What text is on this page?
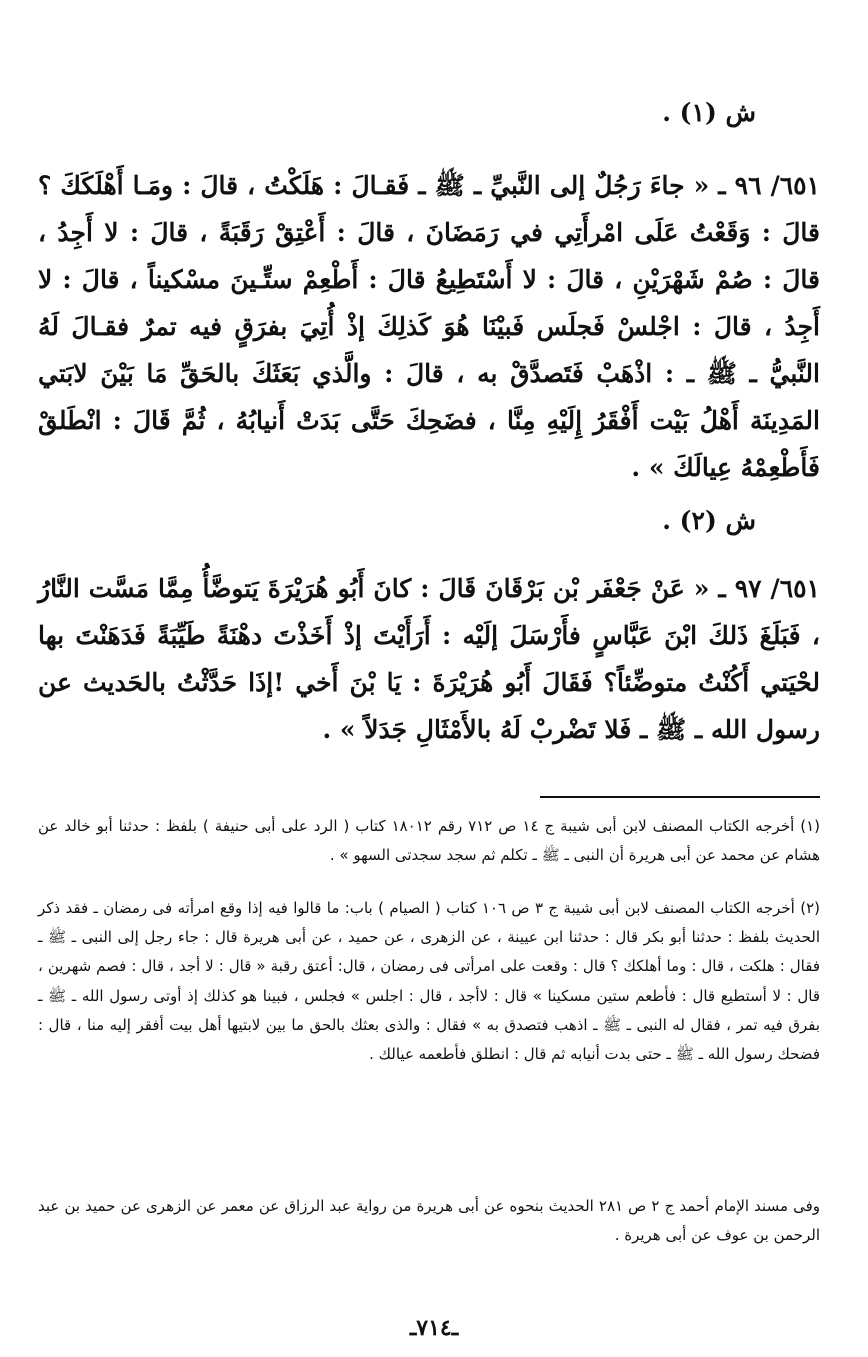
ش (١) .

٦٥١/ ٩٦ ـ « جاءَ رَجُلٌ إلى النَّبيِّ ـ ﷺ ـ فَقـالَ : هَلَكْتُ ، قالَ : ومَـا أَهْلَكَكَ ؟ قالَ : وَقَعْتُ عَلَى امْرأَتِي في رَمَضَانَ ، قالَ : أَعْتِقْ رَقَبَةً ، قالَ : لا أَجِدُ ، قالَ : صُمْ شَهْرَيْنِ ، قالَ : لا أَسْتَطِيعُ قالَ : أَطْعِمْ ستِّـينَ مسْكيناً ، قالَ : لا أَجِدُ ، قالَ : اجْلسْ فَجلَس فَبيْنَا هُوَ كَذلِكَ إذْ أُتِيَ بفرَقٍ فيه تمرٌ فقـالَ لَهُ النَّبيُّ ـ ﷺ ـ : اذْهَبْ فَتَصدَّقْ به ، قالَ : والَّذي بَعَثَكَ بالحَقِّ مَا بَيْنَ لابَتي المَدِينَة أَهْلُ بَيْت أَفْقَرُ إِلَيْهِ مِنَّا ، فضَحِكَ حَتَّى بَدَتْ أَنيابُهُ ، ثُمَّ قَالَ : انْطَلقْ فَأَطْعِمْهُ عِيالَكَ » .

ش (٢) .

٦٥١/ ٩٧ ـ « عَنْ جَعْفَر بْن بَرْقَانَ قَالَ : كانَ أَبُو هُرَيْرَةَ يَتوضَّأُ مِمَّا مَسَّت النَّارُ ، فَبَلَغَ ذَلكَ ابْنَ عَبَّاسٍ فأَرْسَلَ إلَيْه : أَرَأَيْتَ إذْ أَخَذْتَ دهْنَةً طَيِّبَةً فَدَهَنْتَ بها لحْيَتي أَكُنْتُ متوضِّئاً؟ فَقَالَ أَبُو هُرَيْرَةَ : يَا بْنَ أَخي !إذَا حَدَّثْتُ بالحَديث عن رسول الله ـ ﷺ ـ فَلا تَضْربْ لَهُ بالأَمْثَالِ جَدَلاً » .

(١) أخرجه الكتاب المصنف لابن أبى شيبة ج ١٤ ص ٧١٢ رقم ١٨٠١٢ كتاب ( الرد على أبى حنيفة ) بلفظ : حدثنا أبو خالد عن هشام عن محمد عن أبى هريرة أن النبى ـ ﷺ ـ تكلم ثم سجد سجدتى السهو » .

(٢) أخرجه الكتاب المصنف لابن أبى شيبة ج ٣ ص ١٠٦ كتاب ( الصيام ) باب: ما قالوا فيه إذا وقع امرأته فى رمضان ـ فقد ذكر الحديث بلفظ : حدثنا أبو بكر قال : حدثنا ابن عيينة ، عن الزهرى ، عن حميد ، عن أبى هريرة قال : جاء رجل إلى النبى ـ ﷺ ـ فقال : هلكت ، قال : وما أهلكك ؟ قال : وقعت على امرأتى فى رمضان ، قال: أعتق رقبة « قال : لا أجد ، قال : فصم شهرين ، قال : لا أستطيع قال : فأطعم ستين مسكينا » قال : لاأجد ، قال : اجلس » فجلس ، فبينا هو كذلك إذ أوتى رسول الله ـ ﷺ ـ بفرق فيه تمر ، فقال له النبى ـ ﷺ ـ اذهب فتصدق به » فقال : والذى بعثك بالحق ما بين لابتيها أهل بيت أفقر إليه منا ، قال : فضحك رسول الله ـ ﷺ ـ حتى بدت أنيابه ثم قال : انطلق فأطعمه عيالك .

وفى مسند الإمام أحمد ج ٢ ص ٢٨١ الحديث بنحوه عن أبى هريرة من رواية عبد الرزاق عن معمر عن الزهرى عن حميد بن عبد الرحمن بن عوف عن أبى هريرة .

ـ٧١٤ـ
